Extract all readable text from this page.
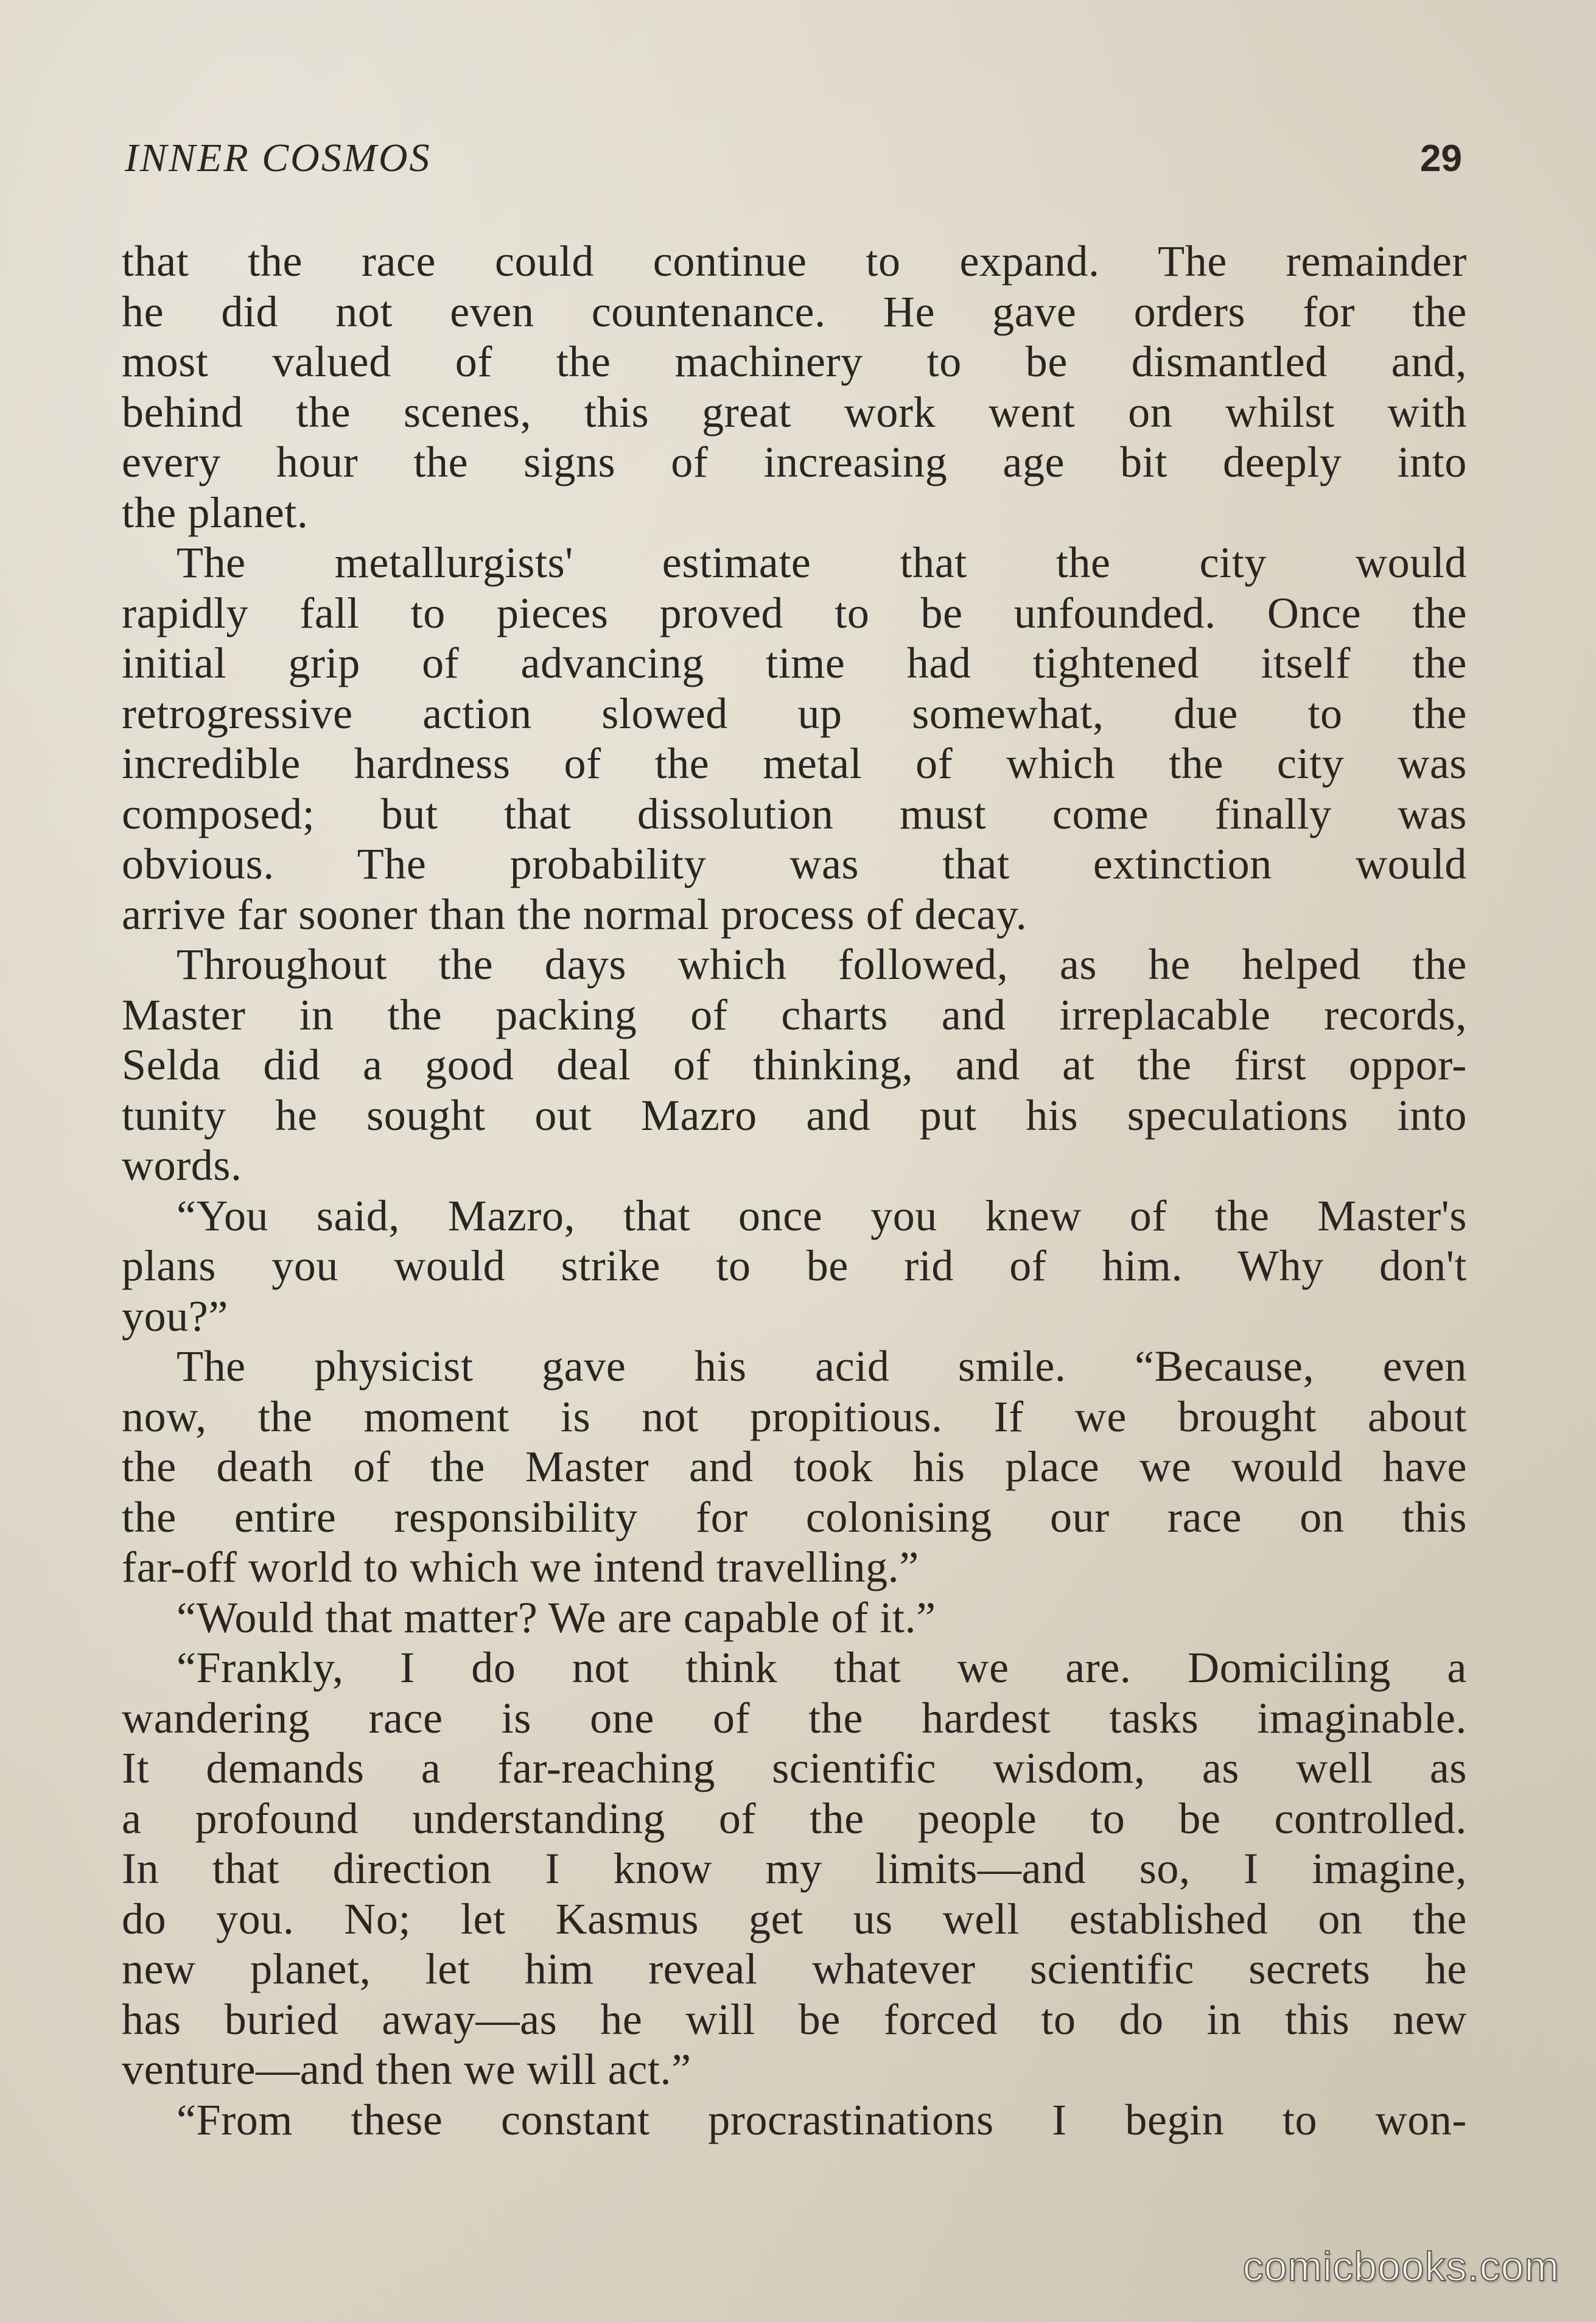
INNER COSMOS	29
that the race could continue to expand. The remainder
he did not even countenance. He gave orders for the
most valued of the machinery to be dismantled and,
behind the scenes, this great work went on whilst with
every hour the signs of increasing age bit deeply into
the planet.
The metallurgists' estimate that the city would
rapidly fall to pieces proved to be unfounded. Once the
initial grip of advancing time had tightened itself the
retrogressive action slowed up somewhat, due to the
incredible hardness of the metal of which the city was
composed; but that dissolution must come finally was
obvious. The probability was that extinction would
arrive far sooner than the normal process of decay.
Throughout the days which followed, as he helped the
Master in the packing of charts and irreplacable records,
Selda did a good deal of thinking, and at the first oppor-
tunity he sought out Mazro and put his speculations into
words.
“You said, Mazro, that once you knew of the Master's
plans you would strike to be rid of him. Why don't
you?”
The physicist gave his acid smile. “Because, even
now, the moment is not propitious. If we brought about
the death of the Master and took his place we would have
the entire responsibility for colonising our race on this
far-off world to which we intend travelling.”
“Would that matter? We are capable of it.”
“Frankly, I do not think that we are. Domiciling a
wandering race is one of the hardest tasks imaginable.
It demands a far-reaching scientific wisdom, as well as
a profound understanding of the people to be controlled.
In that direction I know my limits—and so, I imagine,
do you. No; let Kasmus get us well established on the
new planet, let him reveal whatever scientific secrets he
has buried away—as he will be forced to do in this new
venture—and then we will act.”
“From these constant procrastinations I begin to won-
comicbooks.com
